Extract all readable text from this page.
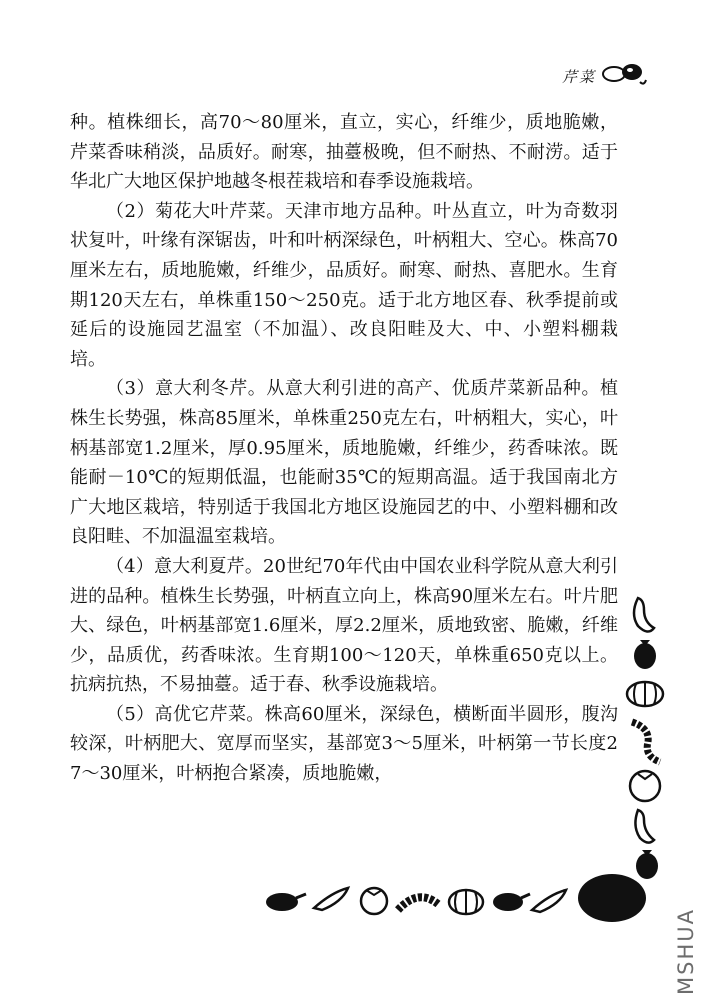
芹菜

种。植株细长，高70～80厘米，直立，实心，纤维少，质地脆嫩，芹菜香味稍淡，品质好。耐寒，抽薹极晚，但不耐热、不耐涝。适于华北广大地区保护地越冬根茬栽培和春季设施栽培。

（2）菊花大叶芹菜。天津市地方品种。叶丛直立，叶为奇数羽状复叶，叶缘有深锯齿，叶和叶柄深绿色，叶柄粗大、空心。株高70厘米左右，质地脆嫩，纤维少，品质好。耐寒、耐热、喜肥水。生育期120天左右，单株重150～250克。适于北方地区春、秋季提前或延后的设施园艺温室（不加温）、改良阳畦及大、中、小塑料棚栽培。

（3）意大利冬芹。从意大利引进的高产、优质芹菜新品种。植株生长势强，株高85厘米，单株重250克左右，叶柄粗大，实心，叶柄基部宽1.2厘米，厚0.95厘米，质地脆嫩，纤维少，药香味浓。既能耐－10℃的短期低温，也能耐35℃的短期高温。适于我国南北方广大地区栽培，特别适于我国北方地区设施园艺的中、小塑料棚和改良阳畦、不加温温室栽培。

（4）意大利夏芹。20世纪70年代由中国农业科学院从意大利引进的品种。植株生长势强，叶柄直立向上，株高90厘米左右。叶片肥大、绿色，叶柄基部宽1.6厘米，厚2.2厘米，质地致密、脆嫩，纤维少，品质优，药香味浓。生育期100～120天，单株重650克以上。抗病抗热，不易抽薹。适于春、秋季设施栽培。

（5）高优它芹菜。株高60厘米，深绿色，横断面半圆形，腹沟较深，叶柄肥大、宽厚而坚实，基部宽3～5厘米，叶柄第一节长度27～30厘米，叶柄抱合紧凑，质地脆嫩，

MSHUA
